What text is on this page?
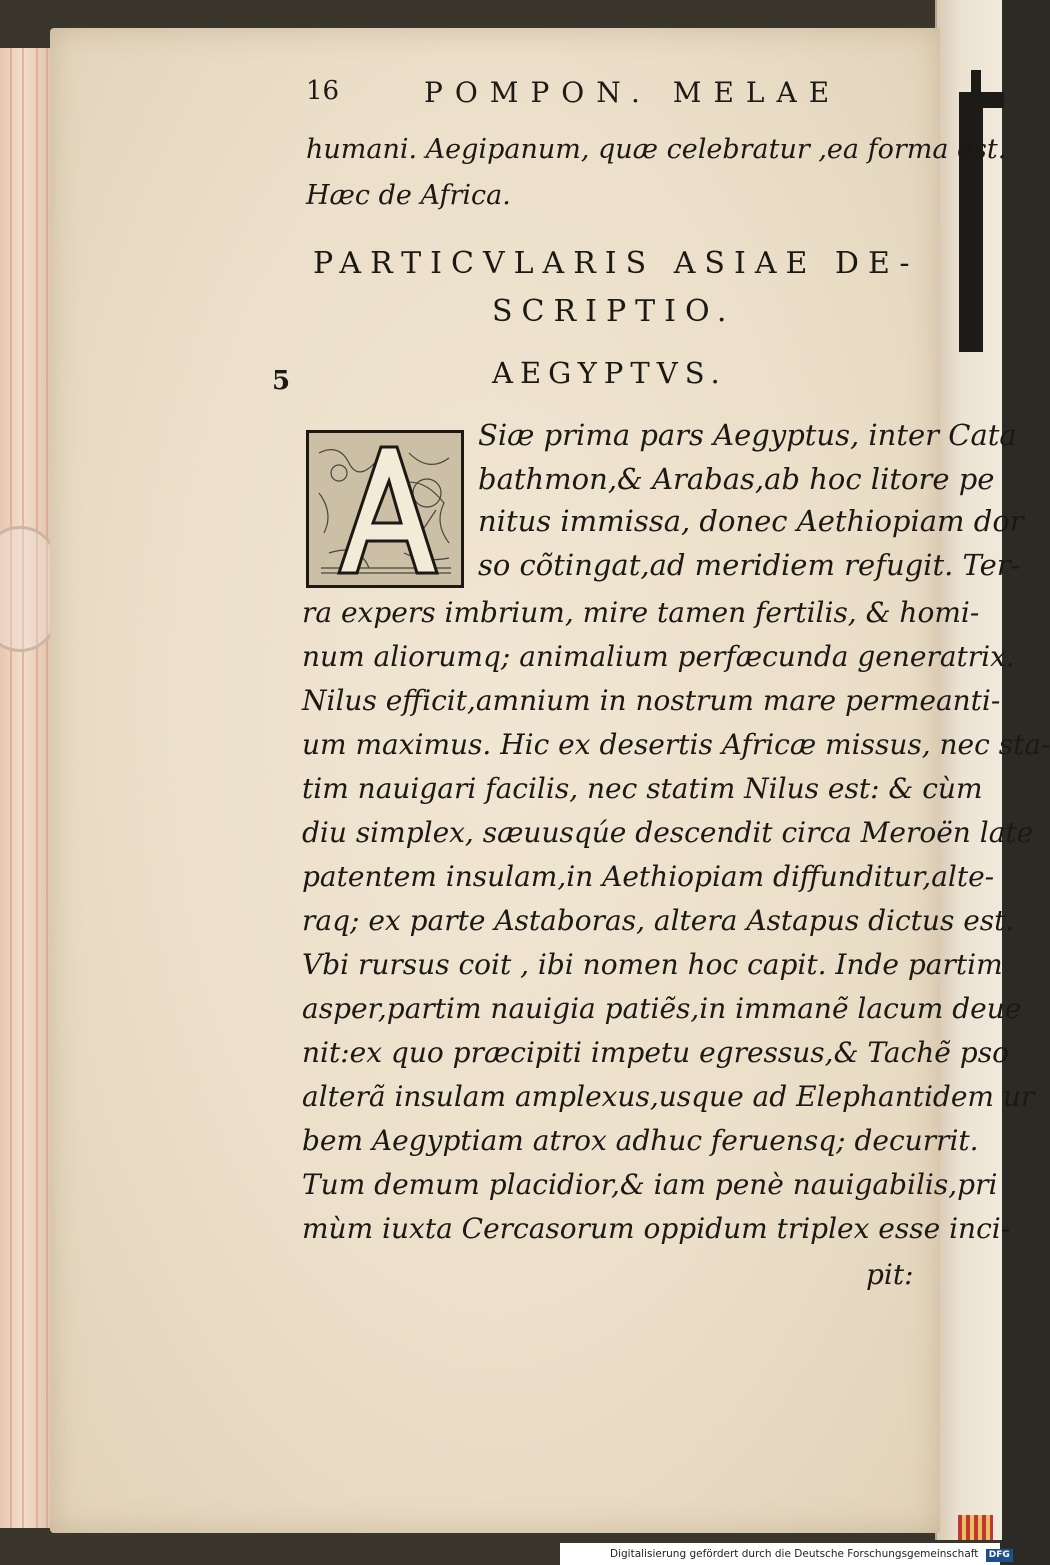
16	POMPON. MELAE
humani. Aegipanum, quæ celebratur ,ea forma est.
Hæc de Africa.
PARTICVLARIS ASIAE DE-
SCRIPTIO.
5	AEGYPTVS.
Siæ prima pars Aegyptus, inter Cata
bathmon,& Arabas,ab hoc litore pe
nitus immissa, donec Aethiopiam dor
so cõtingat,ad meridiem refugit. Ter-
ra expers imbrium, mire tamen fertilis, & homi-
num aliorumq; animalium perfæcunda generatrix.
Nilus efficit,amnium in nostrum mare permeanti-
um maximus. Hic ex desertis Africæ missus, nec sta-
tim nauigari facilis, nec statim Nilus est: & cùm
diu simplex, sæuusqúe descendit circa Meroën late
patentem insulam,in Aethiopiam diffunditur,alte-
raq; ex parte Astaboras, altera Astapus dictus est.
Vbi rursus coit , ibi nomen hoc capit. Inde partim
asper,partim nauigia patiẽs,in immanẽ lacum deue
nit:ex quo præcipiti impetu egressus,& Tachẽ pso
alterã insulam amplexus,usque ad Elephantidem ur
bem Aegyptiam atrox adhuc feruensq; decurrit.
Tum demum placidior,& iam penè nauigabilis,pri
mùm iuxta Cercasorum oppidum triplex esse inci-
pit:
Digitalisierung gefördert durch die Deutsche Forschungsgemeinschaft DFG
